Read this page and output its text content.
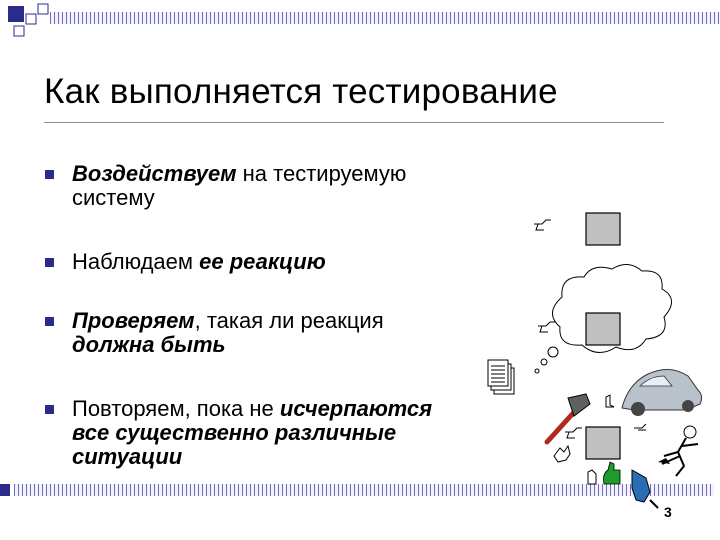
Как выполняется тестирование
Воздействуем на тестируемую
систему
Наблюдаем ее реакцию
Проверяем, такая ли реакция
должна быть
Повторяем, пока не исчерпаются
все существенно различные
ситуации
3
